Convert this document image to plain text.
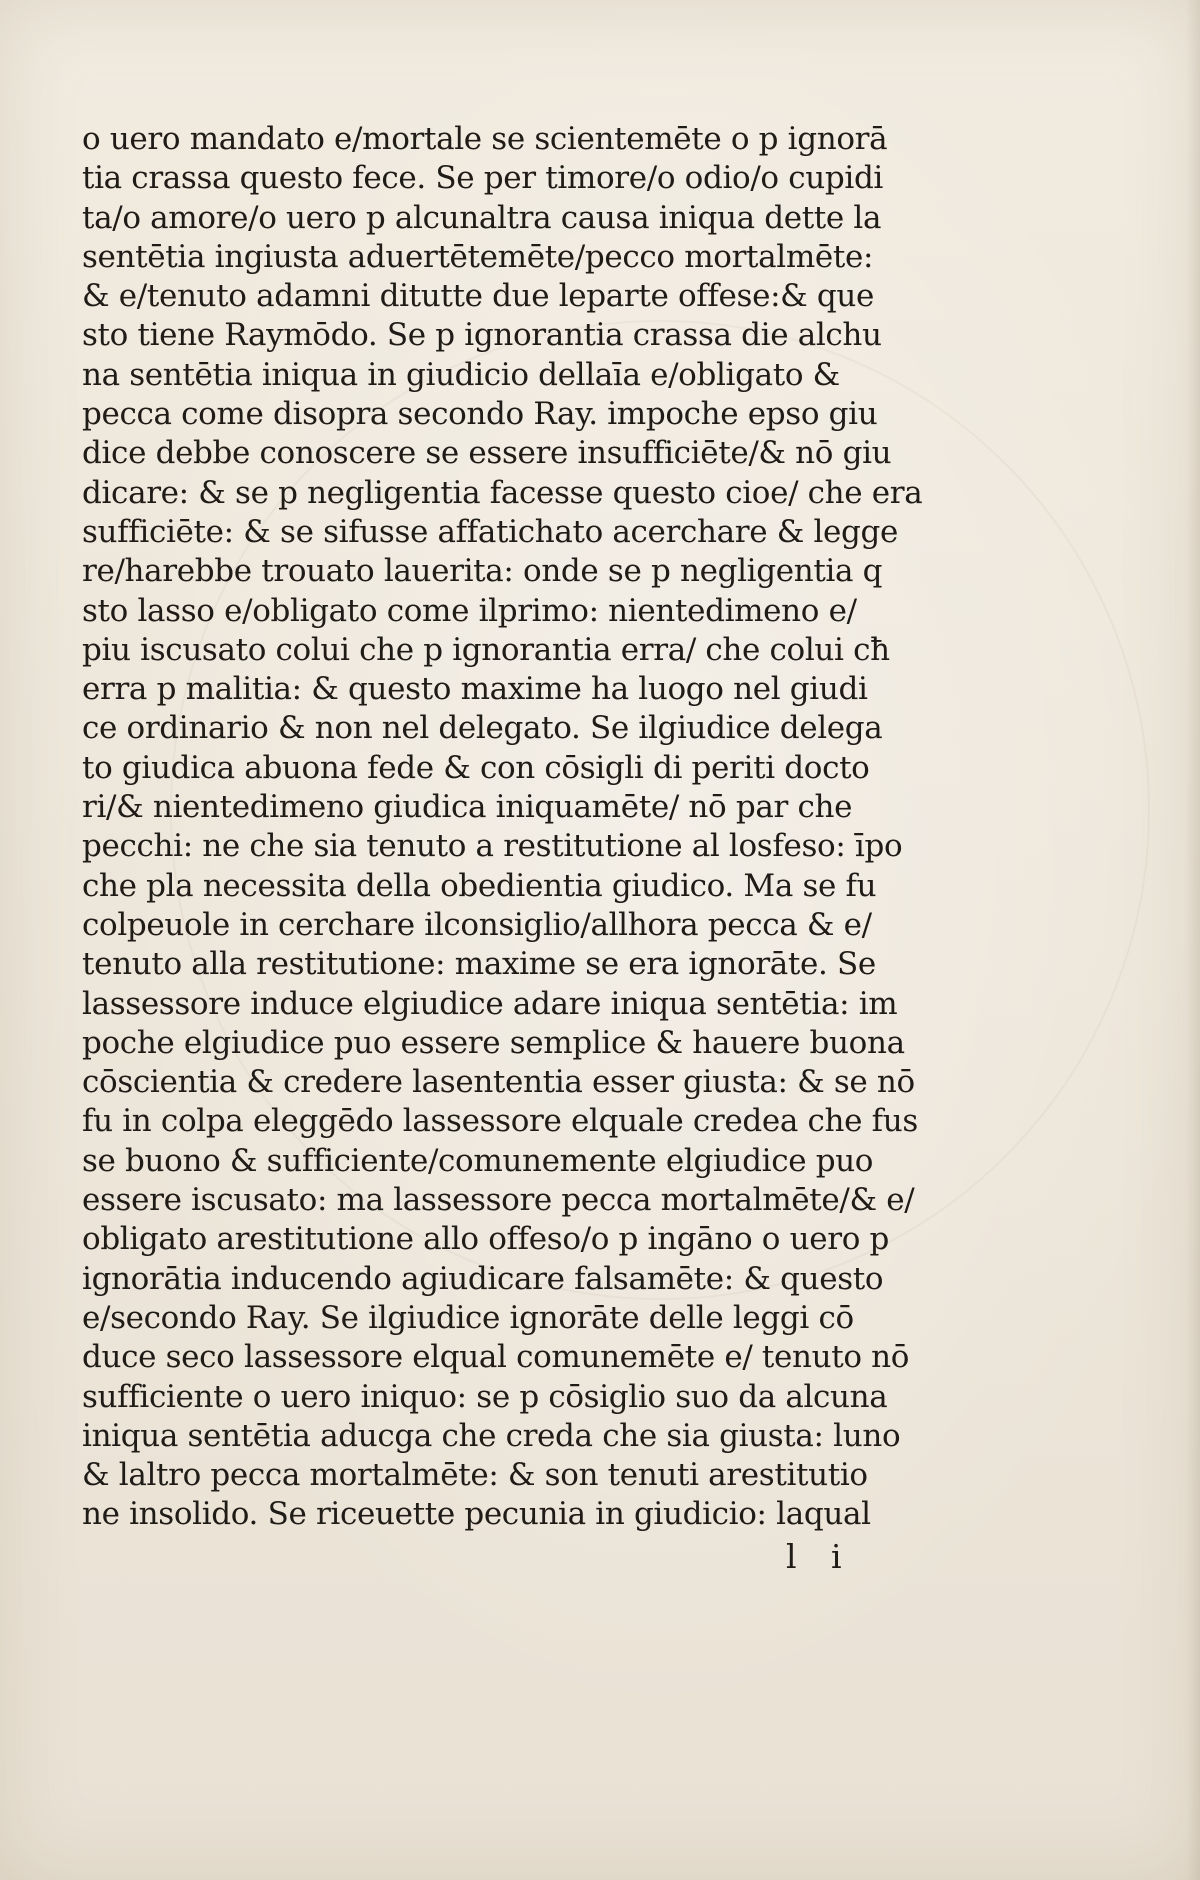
o uero mandato e/mortale se scientemēte o p ignorā
tia crassa questo fece. Se per timore/o odio/o cupidi
ta/o amore/o uero p alcunaltra causa iniqua dette la
sentētia ingiusta aduertētemēte/pecco mortalmēte:
& e/tenuto adamni ditutte due leparte offese:& que
sto tiene Raymōdo. Se p ignorantia crassa die alchu
na sentētia iniqua in giudicio dellaīa e/obligato &
pecca come disopra secondo Ray. impoche epso giu
dice debbe conoscere se essere insufficiēte/& nō giu
dicare: & se p negligentia facesse questo cioe/ che era
sufficiēte: & se sifusse affatichato acerchare & legge
re/harebbe trouato lauerita: onde se p negligentia q
sto lasso e/obligato come ilprimo: nientedimeno e/
piu iscusato colui che p ignorantia erra/ che colui cħ
erra p malitia: & questo maxime ha luogo nel giudi
ce ordinario & non nel delegato. Se ilgiudice delega
to giudica abuona fede & con cōsigli di periti docto
ri/& nientedimeno giudica iniquamēte/ nō par che
pecchi: ne che sia tenuto a restitutione al losfeso: īpo
che pla necessita della obedientia giudico. Ma se fu
colpeuole in cerchare ilconsiglio/allhora pecca & e/
tenuto alla restitutione: maxime se era ignorāte. Se
lassessore induce elgiudice adare iniqua sentētia: im
poche elgiudice puo essere semplice & hauere buona
cōscientia & credere lasententia esser giusta: & se nō
fu in colpa eleggēdo lassessore elquale credea che fus
se buono & sufficiente/comunemente elgiudice puo
essere iscusato: ma lassessore pecca mortalmēte/& e/
obligato arestitutione allo offeso/o p ingāno o uero p
ignorātia inducendo agiudicare falsamēte: & questo
e/secondo Ray. Se ilgiudice ignorāte delle leggi cō
duce seco lassessore elqual comunemēte e/ tenuto nō
sufficiente o uero iniquo: se p cōsiglio suo da alcuna
iniqua sentētia aducga che creda che sia giusta: luno
& laltro pecca mortalmēte: & son tenuti arestitutio
ne insolido. Se riceuette pecunia in giudicio: laqual
l i
